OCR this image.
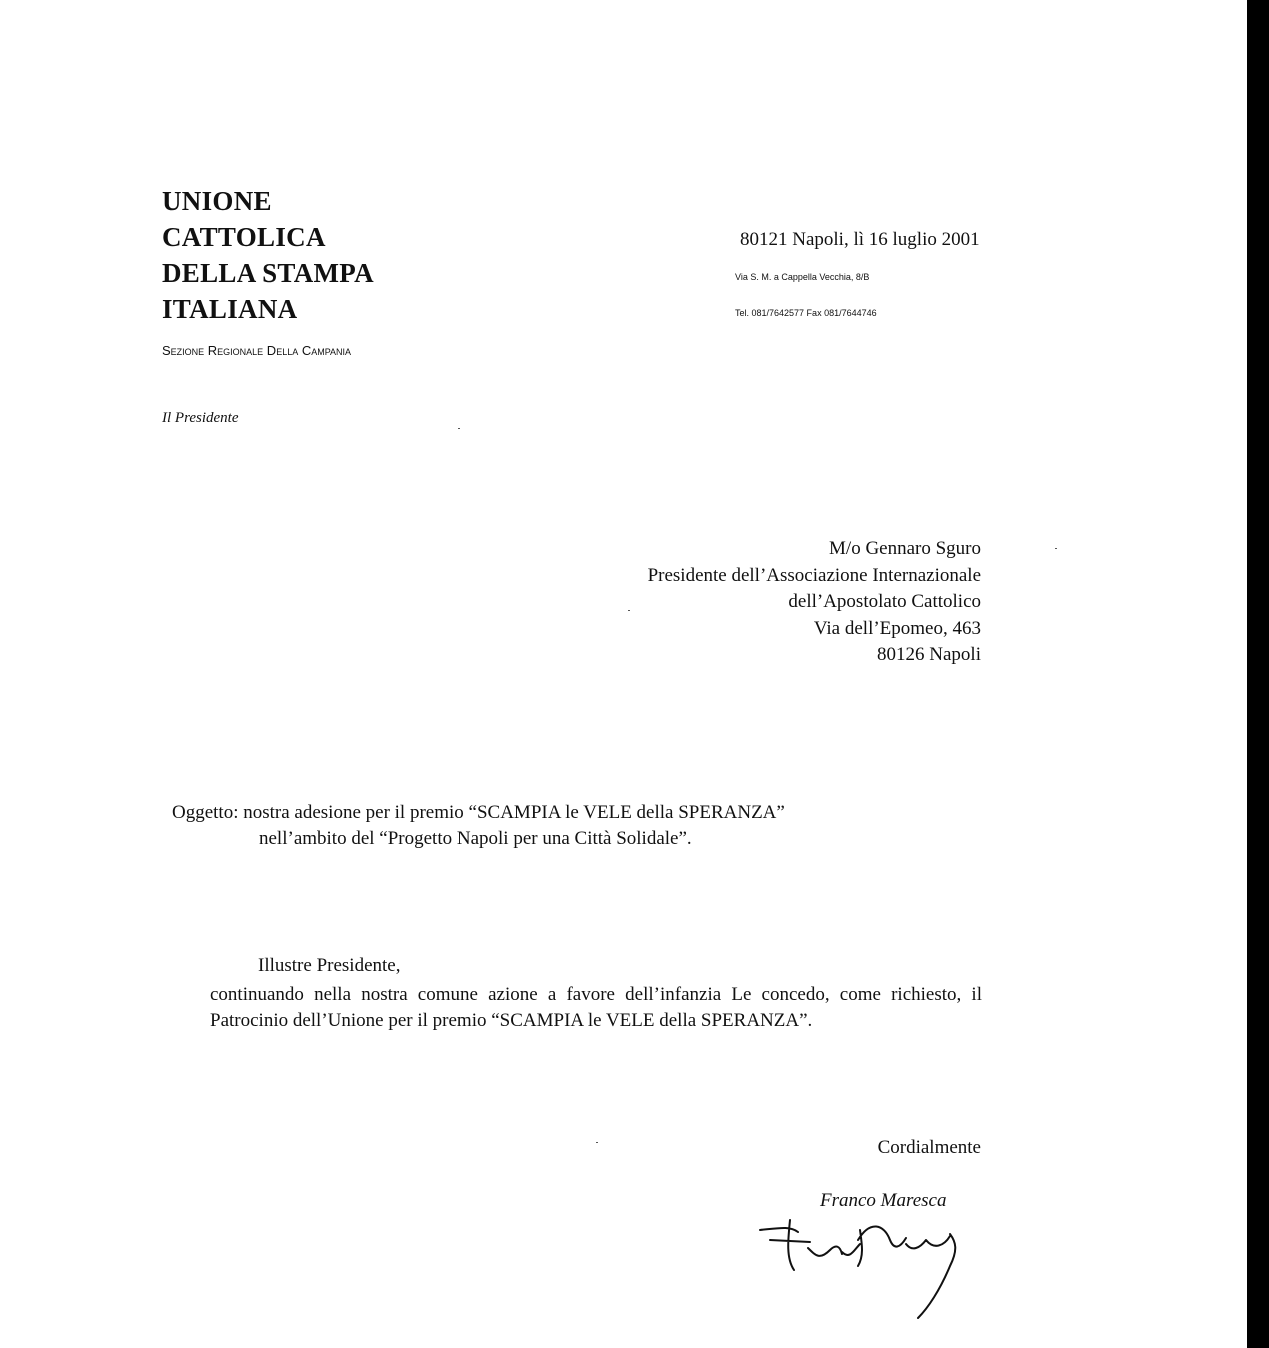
UNIONE
CATTOLICA
DELLA STAMPA
ITALIANA
Sezione Regionale Della Campania
Il Presidente
80121 Napoli, lì 16 luglio 2001
Via S. M. a Cappella Vecchia, 8/B
Tel. 081/7642577 Fax 081/7644746
M/o Gennaro Sguro
Presidente dell’Associazione Internazionale
dell’Apostolato Cattolico
Via dell’Epomeo, 463
80126 Napoli
Oggetto: nostra adesione per il premio “SCAMPIA le VELE della SPERANZA”
nell’ambito del “Progetto Napoli per una Città Solidale”.
Illustre Presidente,
continuando nella nostra comune azione a favore dell’infanzia Le concedo, come richiesto, il Patrocinio dell’Unione per il premio “SCAMPIA le VELE della SPERANZA”.
Cordialmente
Franco Maresca
